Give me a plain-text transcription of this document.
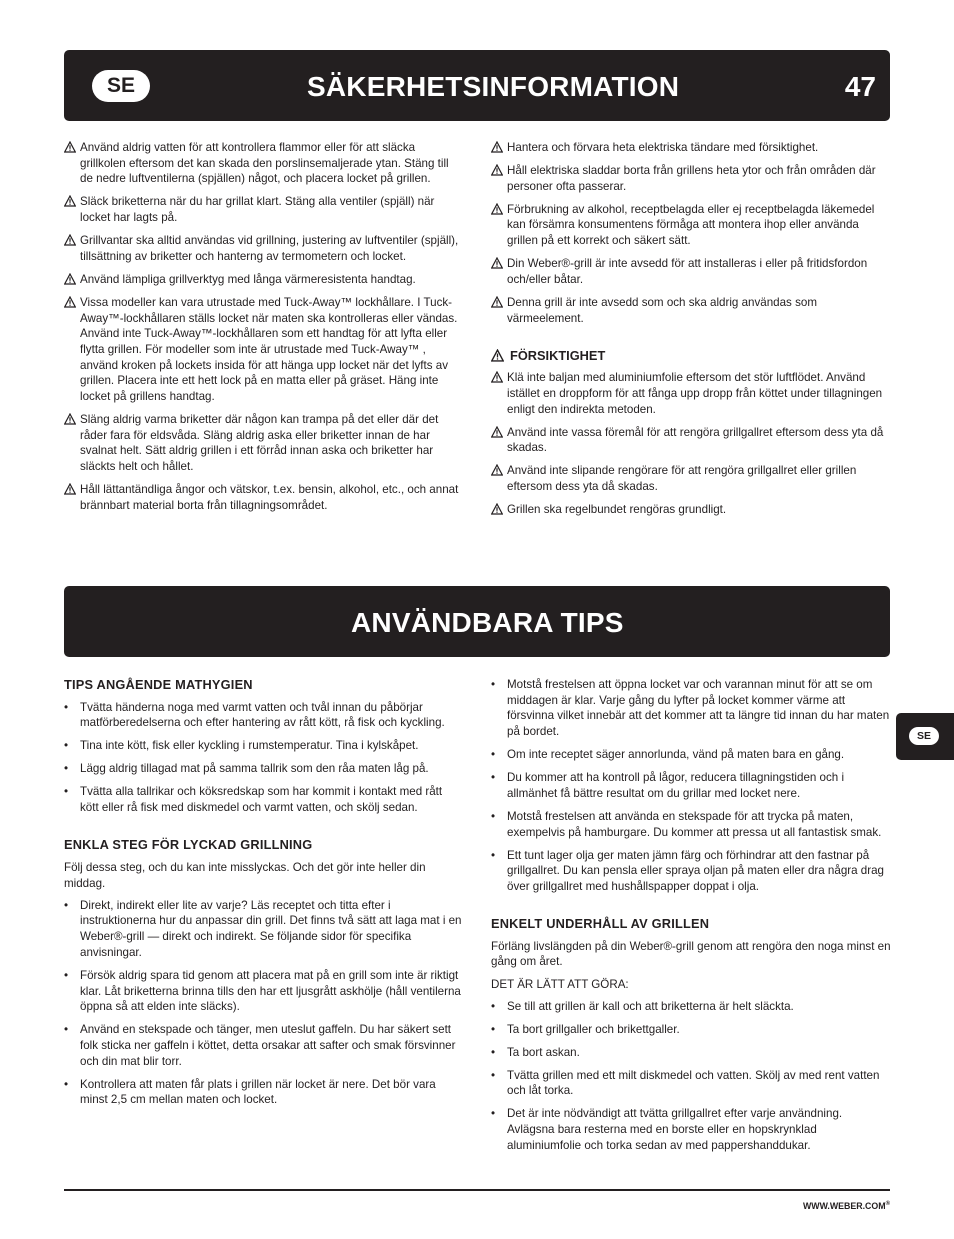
SE	SÄKERHETSINFORMATION	47
Använd aldrig vatten för att kontrollera flammor eller för att släcka grillkolen eftersom det kan skada den porslinsemaljerade ytan. Stäng till de nedre luftventilerna (spjällen) något, och placera locket på grillen.
Släck briketterna när du har grillat klart. Stäng alla ventiler (spjäll) när locket har lagts på.
Grillvantar ska alltid användas vid grillning, justering av luftventiler (spjäll), tillsättning av briketter och hanterng av termometern och locket.
Använd lämpliga grillverktyg med långa värmeresistenta handtag.
Vissa modeller kan vara utrustade med Tuck-Away™ lockhållare. I Tuck-Away™-lockhållaren ställs locket när maten ska kontrolleras eller vändas. Använd inte Tuck-Away™-lockhållaren som ett handtag för att lyfta eller flytta grillen. För modeller som inte är utrustade med Tuck-Away™ , använd kroken på lockets insida för att hänga upp locket när det lyfts av grillen. Placera inte ett hett lock på en matta eller på gräset. Häng inte locket på grillens handtag.
Släng aldrig varma briketter där någon kan trampa på det eller där det råder fara för eldsvåda. Släng aldrig aska eller briketter innan de har svalnat helt. Sätt aldrig grillen i ett förråd innan aska och briketter har släckts helt och hållet.
Håll lättantändliga ångor och vätskor, t.ex. bensin, alkohol, etc., och annat brännbart material borta från tillagningsområdet.
Hantera och förvara heta elektriska tändare med försiktighet.
Håll elektriska sladdar borta från grillens heta ytor och från områden där personer ofta passerar.
Förbrukning av alkohol, receptbelagda eller ej receptbelagda läkemedel kan försämra konsumentens förmåga att montera ihop eller använda grillen på ett korrekt och säkert sätt.
Din Weber®-grill är inte avsedd för att installeras i eller på fritidsfordon och/eller båtar.
Denna grill är inte avsedd som och ska aldrig användas som värmeelement.
FÖRSIKTIGHET
Klä inte baljan med aluminiumfolie eftersom det stör luftflödet. Använd istället en droppform för att fånga upp dropp från köttet under tillagningen enligt den indirekta metoden.
Använd inte vassa föremål för att rengöra grillgallret eftersom dess yta då skadas.
Använd inte slipande rengörare för att rengöra grillgallret eller grillen eftersom dess yta då skadas.
Grillen ska regelbundet rengöras grundligt.
ANVÄNDBARA TIPS
TIPS ANGÅENDE MATHYGIEN
• Tvätta händerna noga med varmt vatten och tvål innan du påbörjar matförberedelserna och efter hantering av rått kött, rå fisk och kyckling.
• Tina inte kött, fisk eller kyckling i rumstemperatur. Tina i kylskåpet.
• Lägg aldrig tillagad mat på samma tallrik som den råa maten låg på.
• Tvätta alla tallrikar och köksredskap som har kommit i kontakt med rått kött eller rå fisk med diskmedel och varmt vatten, och skölj sedan.
ENKLA STEG FÖR LYCKAD GRILLNING
Följ dessa steg, och du kan inte misslyckas. Och det gör inte heller din middag.
• Direkt, indirekt eller lite av varje? Läs receptet och titta efter i instruktionerna hur du anpassar din grill. Det finns två sätt att laga mat i en Weber®-grill — direkt och indirekt. Se följande sidor för specifika anvisningar.
• Försök aldrig spara tid genom att placera mat på en grill som inte är riktigt klar. Låt briketterna brinna tills den har ett ljusgrått askhölje (håll ventilerna öppna så att elden inte släcks).
• Använd en stekspade och tänger, men uteslut gaffeln. Du har säkert sett folk sticka ner gaffeln i köttet, detta orsakar att safter och smak försvinner och din mat blir torr.
• Kontrollera att maten får plats i grillen när locket är nere. Det bör vara minst 2,5 cm mellan maten och locket.
• Motstå frestelsen att öppna locket var och varannan minut för att se om middagen är klar. Varje gång du lyfter på locket kommer värme att försvinna vilket innebär att det kommer att ta längre tid innan du har maten på bordet.
• Om inte receptet säger annorlunda, vänd på maten bara en gång.
• Du kommer att ha kontroll på lågor, reducera tillagningstiden och i allmänhet få bättre resultat om du grillar med locket nere.
• Motstå frestelsen att använda en stekspade för att trycka på maten, exempelvis på hamburgare. Du kommer att pressa ut all fantastisk smak.
• Ett tunt lager olja ger maten jämn färg och förhindrar att den fastnar på grillgallret. Du kan pensla eller spraya oljan på maten eller dra några drag över grillgallret med hushållspapper doppat i olja.
ENKELT UNDERHÅLL AV GRILLEN
Förläng livslängden på din Weber®-grill genom att rengöra den noga minst en gång om året.
DET ÄR LÄTT ATT GÖRA:
• Se till att grillen är kall och att briketterna är helt släckta.
• Ta bort grillgaller och brikettgaller.
• Ta bort askan.
• Tvätta grillen med ett milt diskmedel och vatten. Skölj av med rent vatten och låt torka.
• Det är inte nödvändigt att tvätta grillgallret efter varje användning. Avlägsna bara resterna med en borste eller en hopskrynklad aluminiumfolie och torka sedan av med pappershanddukar.
SE
WWW.WEBER.COM®
